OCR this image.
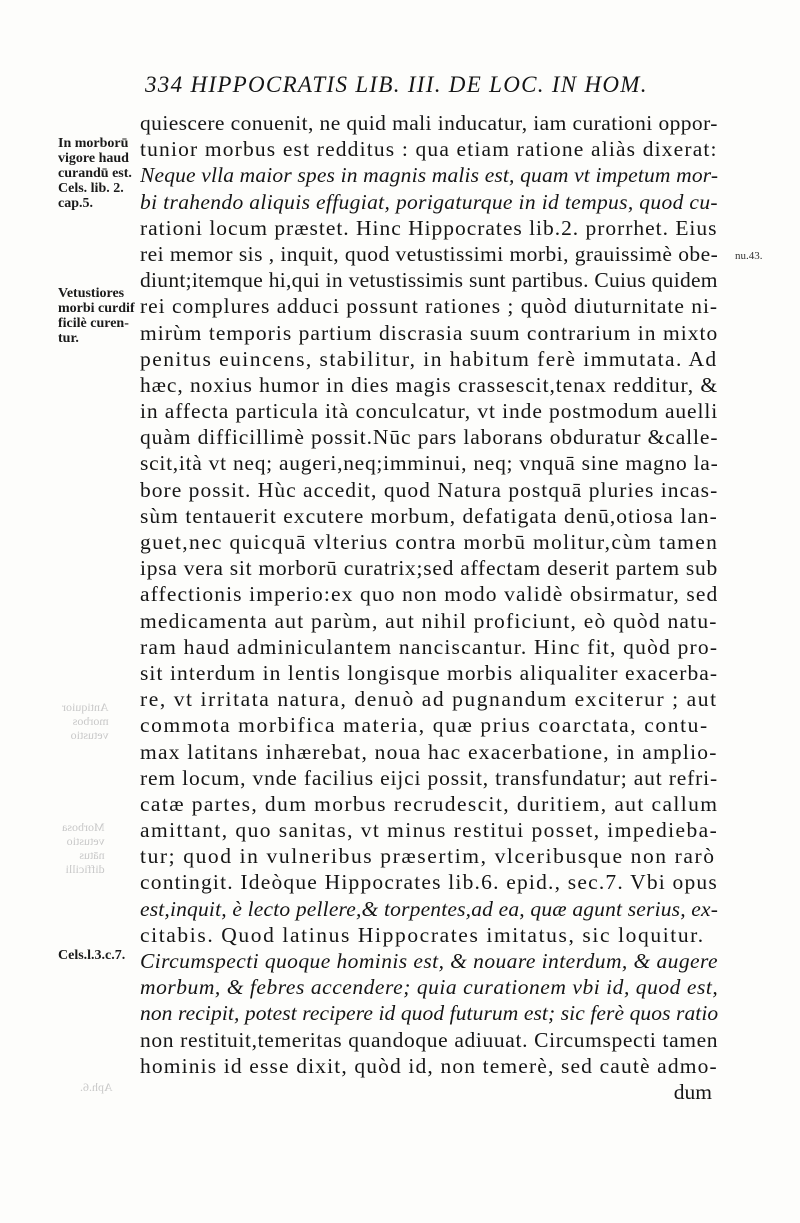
334 HIPPOCRATIS LIB. III. DE LOC. IN HOM.
Antiquior
morbos
vetustio
Morbosa
vetustio
nātus
difficilli
Aph.6.
In morborū
vigore haud
curandū est.
Cels. lib. 2.
cap.5.
Vetustiores
morbi curdif
ficilè curen-
tur.
Cels.l.3.c.7.
nu.43.
quiescere conuenit, ne quid mali inducatur, iam curationi oppor-
tunior morbus est redditus : qua etiam ratione aliàs dixerat:
Neque vlla maior spes in magnis malis est, quam vt impetum mor-
bi trahendo aliquis effugiat, porigaturque in id tempus, quod cu-
rationi locum præstet. Hinc Hippocrates lib.2. prorrhet. Eius
rei memor sis , inquit, quod vetustissimi morbi, grauissimè obe-
diunt;itemque hi,qui in vetustissimis sunt partibus. Cuius quidem
rei complures adduci possunt rationes ; quòd diuturnitate ni-
mirùm temporis partium discrasia suum contrarium in mixto
penitus euincens, stabilitur, in habitum ferè immutata. Ad
hæc, noxius humor in dies magis crassescit,tenax redditur, &
in affecta particula ità conculcatur, vt inde postmodum auelli
quàm difficillimè possit.Nūc pars laborans obduratur &calle-
scit,ità vt neq; augeri,neq;imminui, neq; vnquā sine magno la-
bore possit. Hùc accedit, quod Natura postquā pluries incas-
sùm tentauerit excutere morbum, defatigata denū,otiosa lan-
guet,nec quicquā vlterius contra morbū molitur,cùm tamen
ipsa vera sit morborū curatrix;sed affectam deserit partem sub
affectionis imperio:ex quo non modo validè obsirmatur, sed
medicamenta aut parùm, aut nihil proficiunt, eò quòd natu-
ram haud adminiculantem nanciscantur. Hinc fit, quòd pro-
sit interdum in lentis longisque morbis aliqualiter exacerba-
re, vt irritata natura, denuò ad pugnandum exciterur ; aut
commota morbifica materia, quæ prius coarctata, contu-
max latitans inhærebat, noua hac exacerbatione, in amplio-
rem locum, vnde facilius eijci possit, transfundatur; aut refri-
catæ partes, dum morbus recrudescit, duritiem, aut callum
amittant, quo sanitas, vt minus restitui posset, impedieba-
tur; quod in vulneribus præsertim, vlceribusque non rarò
contingit. Ideòque Hippocrates lib.6. epid., sec.7. Vbi opus
est,inquit, è lecto pellere,& torpentes,ad ea, quæ agunt serius, ex-
citabis. Quod latinus Hippocrates imitatus, sic loquitur.
Circumspecti quoque hominis est, & nouare interdum, & augere
morbum, & febres accendere; quia curationem vbi id, quod est,
non recipit, potest recipere id quod futurum est; sic ferè quos ratio
non restituit,temeritas quandoque adiuuat. Circumspecti tamen
hominis id esse dixit, quòd id, non temerè, sed cautè admo-
dum
